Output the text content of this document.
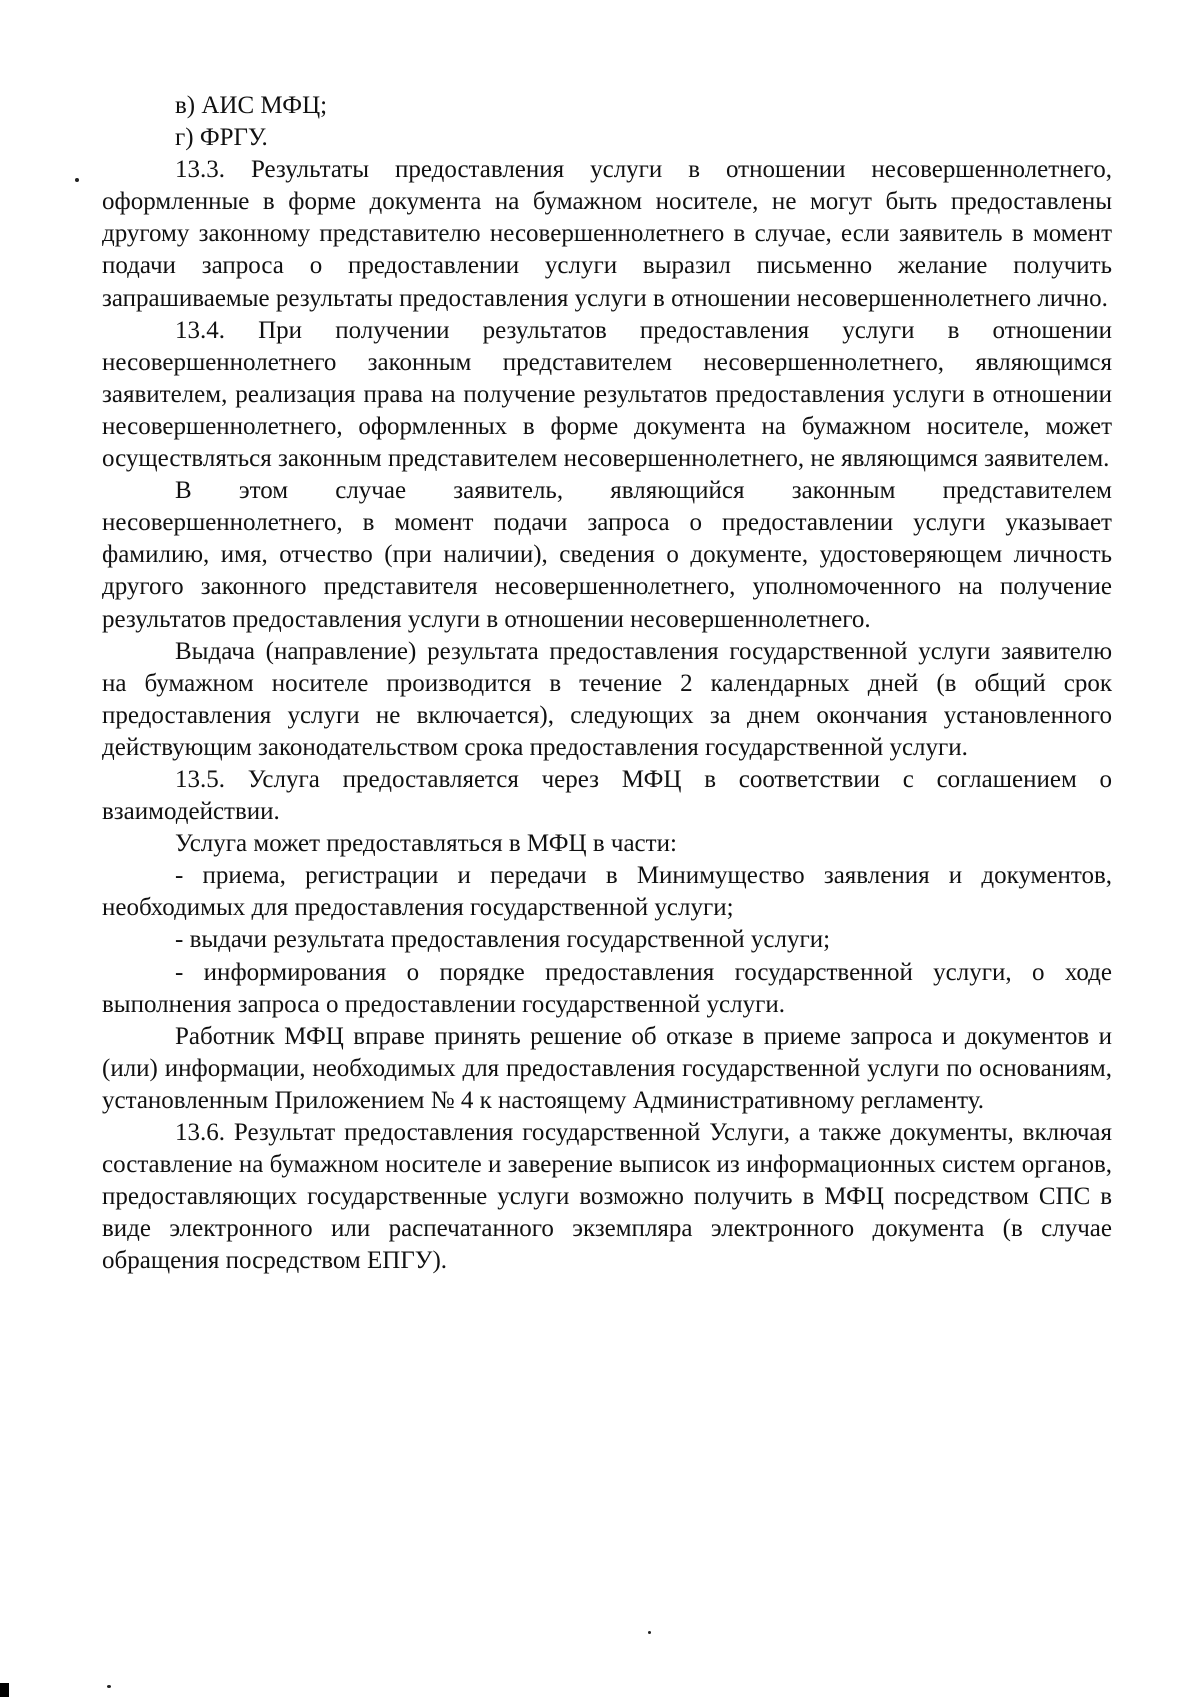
в) АИС МФЦ;

г) ФРГУ.

13.3. Результаты предоставления услуги в отношении несовершеннолетнего, оформленные в форме документа на бумажном носителе, не могут быть предоставлены другому законному представителю несовершеннолетнего в случае, если заявитель в момент подачи запроса о предоставлении услуги выразил письменно желание получить запрашиваемые результаты предоставления услуги в отношении несовершеннолетнего лично.

13.4. При получении результатов предоставления услуги в отношении несовершеннолетнего законным представителем несовершеннолетнего, являющимся заявителем, реализация права на получение результатов предоставления услуги в отношении несовершеннолетнего, оформленных в форме документа на бумажном носителе, может осуществляться законным представителем несовершеннолетнего, не являющимся заявителем.

В этом случае заявитель, являющийся законным представителем несовершеннолетнего, в момент подачи запроса о предоставлении услуги указывает фамилию, имя, отчество (при наличии), сведения о документе, удостоверяющем личность другого законного представителя несовершеннолетнего, уполномоченного на получение результатов предоставления услуги в отношении несовершеннолетнего.

Выдача (направление) результата предоставления государственной услуги заявителю на бумажном носителе производится в течение 2 календарных дней (в общий срок предоставления услуги не включается), следующих за днем окончания установленного действующим законодательством срока предоставления государственной услуги.

13.5. Услуга предоставляется через МФЦ в соответствии с соглашением о взаимодействии.

Услуга может предоставляться в МФЦ в части:

- приема, регистрации и передачи в Минимущество заявления и документов, необходимых для предоставления государственной услуги;

- выдачи результата предоставления государственной услуги;

- информирования о порядке предоставления государственной услуги, о ходе выполнения запроса о предоставлении государственной услуги.

Работник МФЦ вправе принять решение об отказе в приеме запроса и документов и (или) информации, необходимых для предоставления государственной услуги по основаниям, установленным Приложением № 4 к настоящему Административному регламенту.

13.6. Результат предоставления государственной Услуги, а также документы, включая составление на бумажном носителе и заверение выписок из информационных систем органов, предоставляющих государственные услуги возможно получить в МФЦ посредством СПС в виде электронного или распечатанного экземпляра электронного документа (в случае обращения посредством ЕПГУ).
